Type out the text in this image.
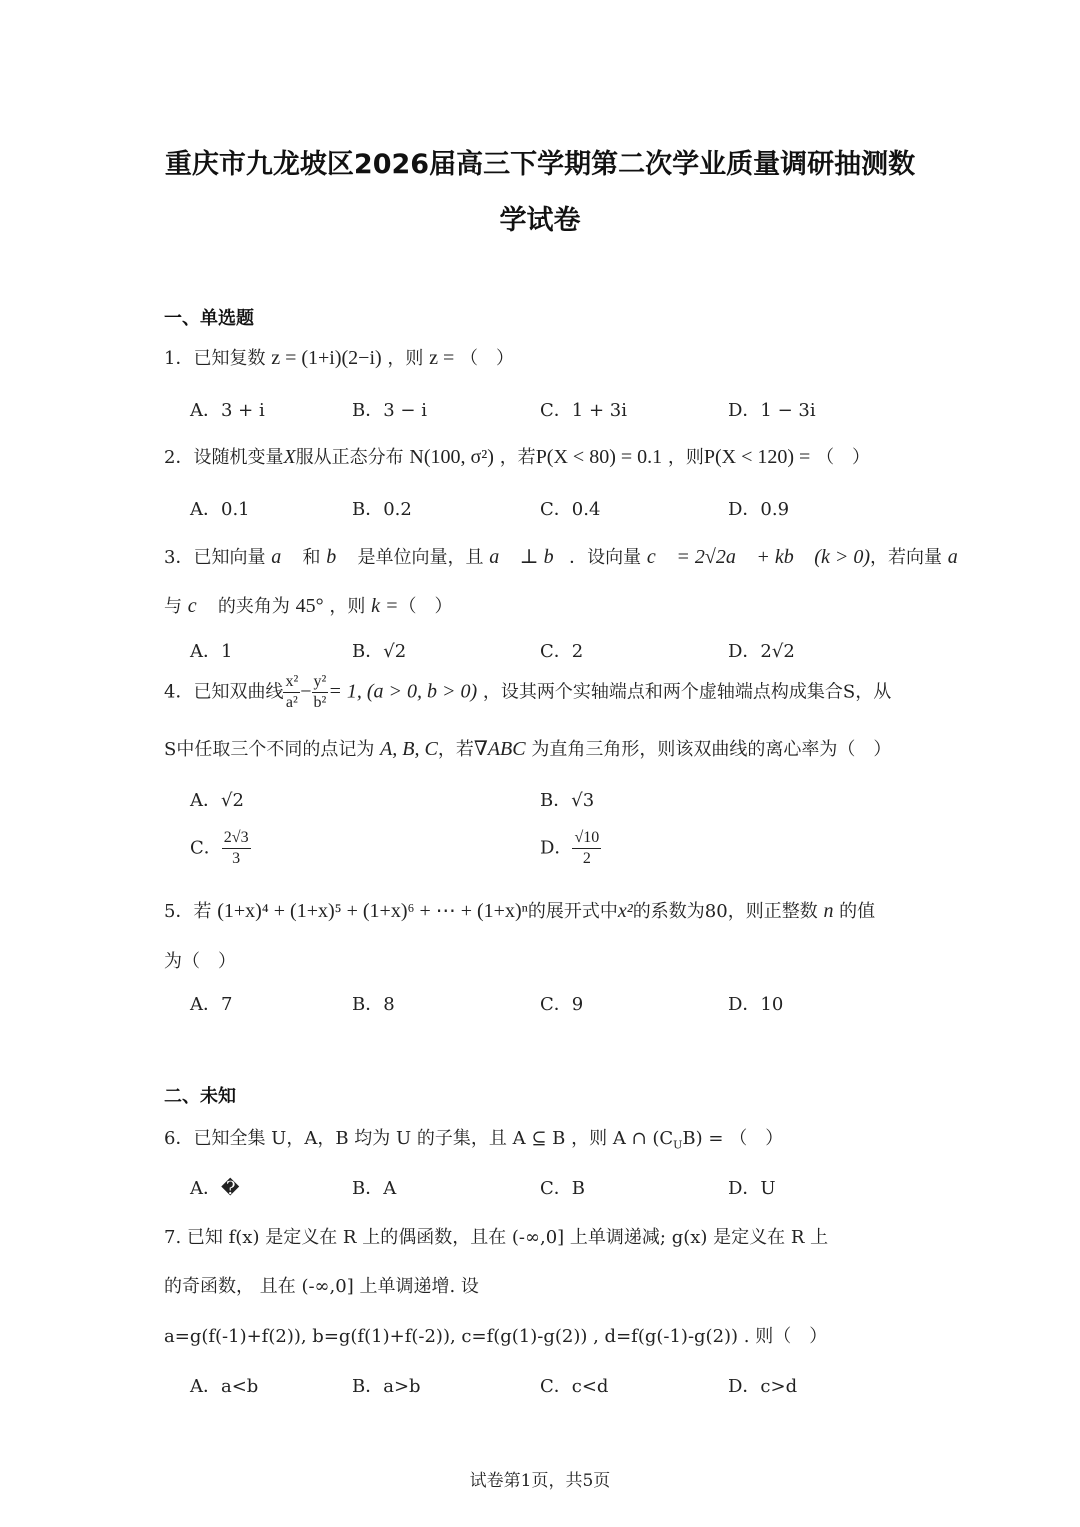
重庆市九龙坡区2026届高三下学期第二次学业质量调研抽测数
学试卷
一、单选题
1．已知复数 z = (1+i)(2−i) ，则 z = （　）
A．3 + i	B．3 − i	C．1 + 3i	D．1 − 3i
2．设随机变量X服从正态分布 N(100, σ²) ，若P(X < 80) = 0.1 ，则P(X < 120) = （　）
A．0.1	B．0.2	C．0.4	D．0.9
3．已知向量 a⃗ 和 b⃗ 是单位向量，且 a⃗ ⊥ b⃗．设向量 c⃗ = 2√2a⃗ + kb⃗ (k > 0)，若向量 a⃗
与 c⃗ 的夹角为 45° ，则 k =（　）
A．1	B．√2	C．2	D．2√2
4．已知双曲线 $\frac{\text{x²}}{\text{a²}} - \frac{\text{y²}}{\text{b²}} = 1$, (a > 0, b > 0) ，设其两个实轴端点和两个虚轴端点构成集合S，从
S中任取三个不同的点记为 A, B, C，若∇ABC 为直角三角形，则该双曲线的离心率为（　）
A．√2	B．√3
C． $\frac{2√3}{3}$	D． $\frac{√10}{2}$
5．若 (1+x)⁴ + (1+x)⁵ + (1+x)⁶ + ⋯ + (1+x)ⁿ的展开式中x²的系数为80，则正整数 n 的值
为（　）
A．7	B．8	C．9	D．10
二、未知
6．已知全集 U，A，B 均为 U 的子集，且 A ⊆ B ，则 A ∩ $(C_UB)$ = （　）
A．�	B．A	C．B	D．U
7. 已知 f(x) 是定义在 R 上的偶函数，且在 (-∞,0] 上单调递减; g(x) 是定义在 R 上
的奇函数， 且在 (-∞,0] 上单调递增. 设
a=g(f(-1)+f(2)), b=g(f(1)+f(-2)), c=f(g(1)-g(2)) , d=f(g(-1)-g(2)) . 则（　）
A．a<b	B．a>b	C．c<d	D．c>d
试卷第1页，共5页
